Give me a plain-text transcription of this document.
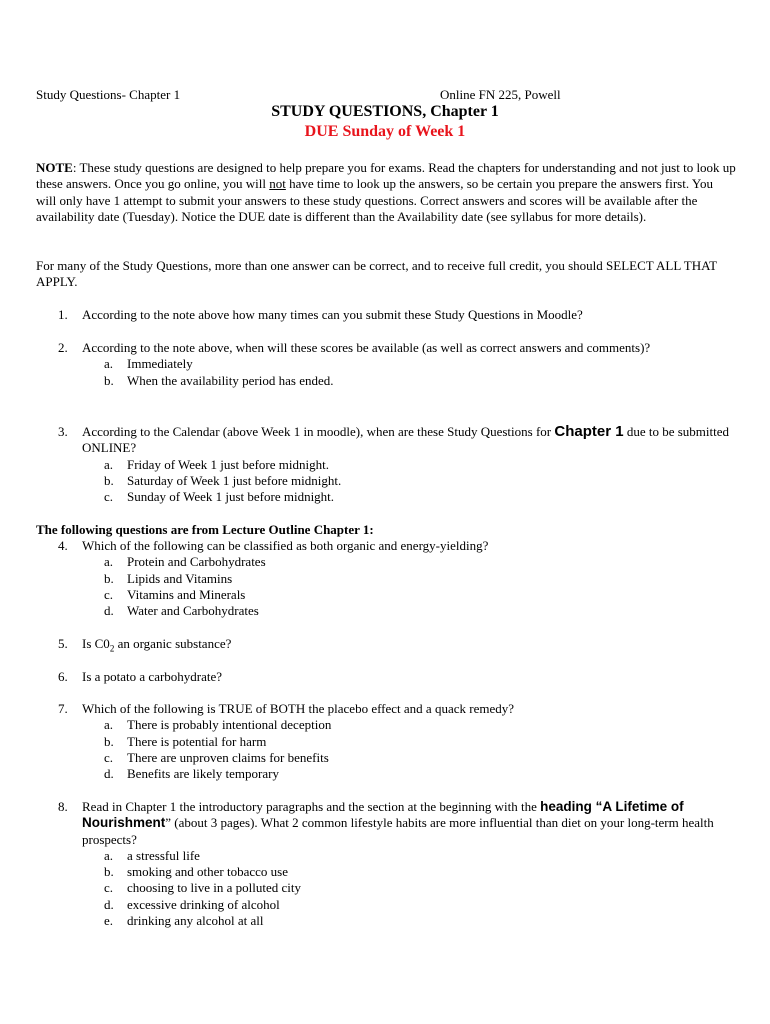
Study Questions- Chapter 1	Online FN 225, Powell
STUDY QUESTIONS, Chapter 1
DUE Sunday of Week 1

NOTE: These study questions are designed to help prepare you for exams. Read the chapters for understanding and not just to look up these answers. Once you go online, you will not have time to look up the answers, so be certain you prepare the answers first. You will only have 1 attempt to submit your answers to these study questions. Correct answers and scores will be available after the availability date (Tuesday). Notice the DUE date is different than the Availability date (see syllabus for more details).

For many of the Study Questions, more than one answer can be correct, and to receive full credit, you should SELECT ALL THAT APPLY.

1.	According to the note above how many times can you submit these Study Questions in Moodle?
2.	According to the note above, when will these scores be available (as well as correct answers and comments)?
a. Immediately
b. When the availability period has ended.
3.	According to the Calendar (above Week 1 in moodle), when are these Study Questions for Chapter 1 due to be submitted ONLINE?
a. Friday of Week 1 just before midnight.
b. Saturday of Week 1 just before midnight.
c. Sunday of Week 1 just before midnight.
The following questions are from Lecture Outline Chapter 1:
4.	Which of the following can be classified as both organic and energy-yielding?
a. Protein and Carbohydrates
b. Lipids and Vitamins
c. Vitamins and Minerals
d. Water and Carbohydrates
5.	Is $C0_2$ an organic substance?
6.	Is a potato a carbohydrate?
7.	Which of the following is TRUE of BOTH the placebo effect and a quack remedy?
a. There is probably intentional deception
b. There is potential for harm
c. There are unproven claims for benefits
d. Benefits are likely temporary
8.	Read in Chapter 1 the introductory paragraphs and the section at the beginning with the heading “A Lifetime of Nourishment” (about 3 pages). What 2 common lifestyle habits are more influential than diet on your long-term health prospects?
a. a stressful life
b. smoking and other tobacco use
c. choosing to live in a polluted city
d. excessive drinking of alcohol
e. drinking any alcohol at all
